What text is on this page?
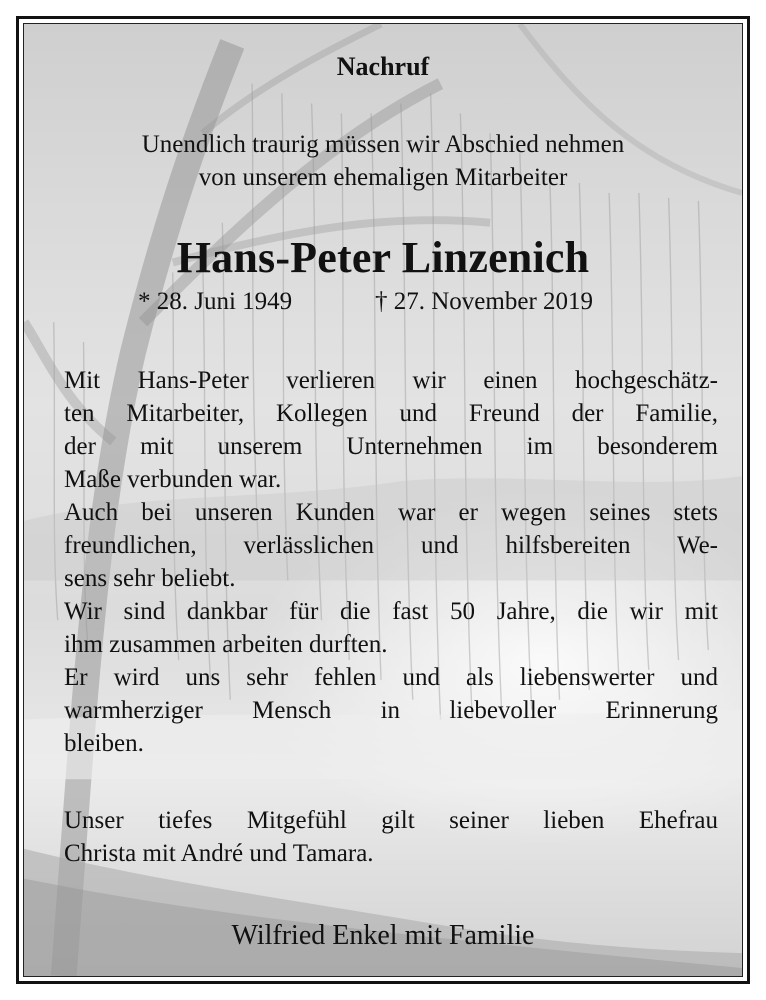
Nachruf
Unendlich traurig müssen wir Abschied nehmen
von unserem ehemaligen Mitarbeiter
Hans-Peter Linzenich
* 28. Juni 1949	† 27. November 2019
Mit Hans-Peter verlieren wir einen hochgeschätz-
ten Mitarbeiter, Kollegen und Freund der Familie,
der mit unserem Unternehmen im besonderem
Maße verbunden war.
Auch bei unseren Kunden war er wegen seines stets
freundlichen, verlässlichen und hilfsbereiten We-
sens sehr beliebt.
Wir sind dankbar für die fast 50 Jahre, die wir mit
ihm zusammen arbeiten durften.
Er wird uns sehr fehlen und als liebenswerter und
warmherziger Mensch in liebevoller Erinnerung
bleiben.
Unser tiefes Mitgefühl gilt seiner lieben Ehefrau
Christa mit André und Tamara.
Wilfried Enkel mit Familie
